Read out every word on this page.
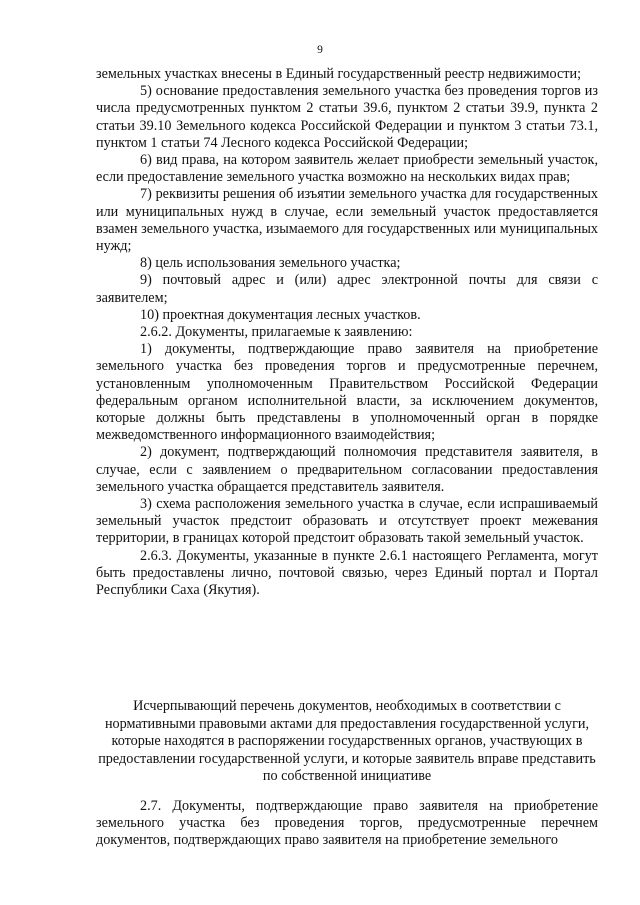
9

земельных участках внесены в Единый государственный реестр недвижимости;

5) основание предоставления земельного участка без проведения торгов из числа предусмотренных пунктом 2 статьи 39.6, пунктом 2 статьи 39.9, пункта 2 статьи 39.10 Земельного кодекса Российской Федерации и пунктом 3 статьи 73.1, пунктом 1 статьи 74 Лесного кодекса Российской Федерации;

6) вид права, на котором заявитель желает приобрести земельный участок, если предоставление земельного участка возможно на нескольких видах прав;

7) реквизиты решения об изъятии земельного участка для государственных или муниципальных нужд в случае, если земельный участок предоставляется взамен земельного участка, изымаемого для государственных или муниципальных нужд;

8) цель использования земельного участка;

9) почтовый адрес и (или) адрес электронной почты для связи с заявителем;

10) проектная документация лесных участков.

2.6.2. Документы, прилагаемые к заявлению:

1) документы, подтверждающие право заявителя на приобретение земельного участка без проведения торгов и предусмотренные перечнем, установленным уполномоченным Правительством Российской Федерации федеральным органом исполнительной власти, за исключением документов, которые должны быть представлены в уполномоченный орган в порядке межведомственного информационного взаимодействия;

2) документ, подтверждающий полномочия представителя заявителя, в случае, если с заявлением о предварительном согласовании предоставления земельного участка обращается представитель заявителя.

3) схема расположения земельного участка в случае, если испрашиваемый земельный участок предстоит образовать и отсутствует проект межевания территории, в границах которой предстоит образовать такой земельный участок.

2.6.3. Документы, указанные в пункте 2.6.1 настоящего Регламента, могут быть предоставлены лично, почтовой связью, через Единый портал и Портал Республики Саха (Якутия).

Исчерпывающий перечень документов, необходимых в соответствии с нормативными правовыми актами для предоставления государственной услуги, которые находятся в распоряжении государственных органов, участвующих в предоставлении государственной услуги, и которые заявитель вправе представить по собственной инициативе

2.7. Документы, подтверждающие право заявителя на приобретение земельного участка без проведения торгов, предусмотренные перечнем документов, подтверждающих право заявителя на приобретение земельного
